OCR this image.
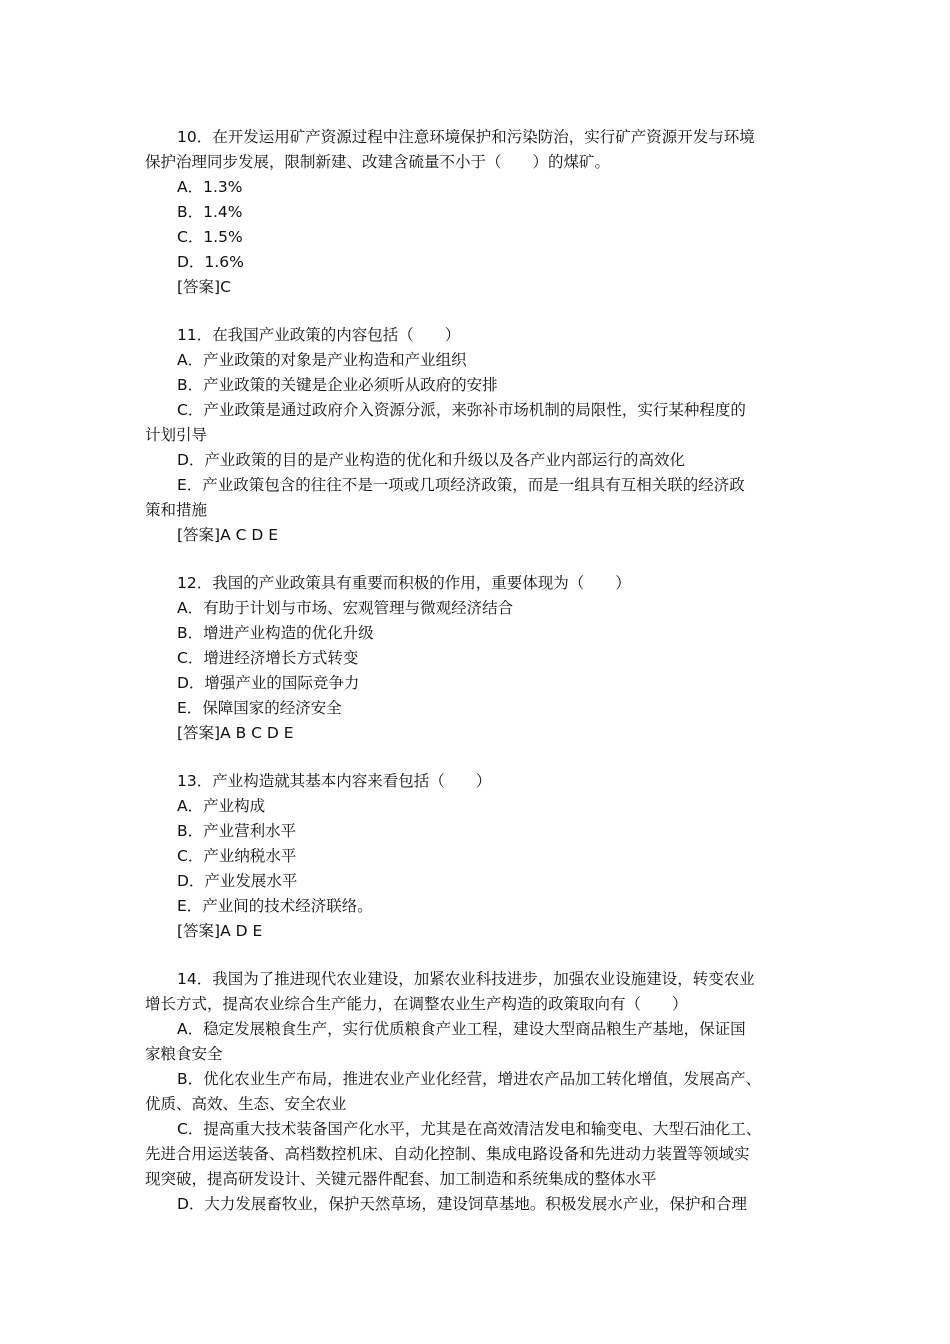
10．在开发运用矿产资源过程中注意环境保护和污染防治，实行矿产资源开发与环境
保护治理同步发展，限制新建、改建含硫量不小于（　　）的煤矿。
A．1.3%
B．1.4%
C．1.5%
D．1.6%
[答案]C
11．在我国产业政策的内容包括（　　）
A．产业政策的对象是产业构造和产业组织
B．产业政策的关键是企业必须听从政府的安排
C．产业政策是通过政府介入资源分派，来弥补市场机制的局限性，实行某种程度的
计划引导
D．产业政策的目的是产业构造的优化和升级以及各产业内部运行的高效化
E．产业政策包含的往往不是一项或几项经济政策，而是一组具有互相关联的经济政
策和措施
[答案]A C D E
12．我国的产业政策具有重要而积极的作用，重要体现为（　　）
A．有助于计划与市场、宏观管理与微观经济结合
B．增进产业构造的优化升级
C．增进经济增长方式转变
D．增强产业的国际竞争力
E．保障国家的经济安全
[答案]A B C D E
13．产业构造就其基本内容来看包括（　　）
A．产业构成
B．产业营利水平
C．产业纳税水平
D．产业发展水平
E．产业间的技术经济联络。
[答案]A D E
14．我国为了推进现代农业建设，加紧农业科技进步，加强农业设施建设，转变农业
增长方式，提高农业综合生产能力，在调整农业生产构造的政策取向有（　　）
A．稳定发展粮食生产，实行优质粮食产业工程，建设大型商品粮生产基地，保证国
家粮食安全
B．优化农业生产布局，推进农业产业化经营，增进农产品加工转化增值，发展高产、
优质、高效、生态、安全农业
C．提高重大技术装备国产化水平，尤其是在高效清洁发电和输变电、大型石油化工、
先进合用运送装备、高档数控机床、自动化控制、集成电路设备和先进动力装置等领域实
现突破，提高研发设计、关键元器件配套、加工制造和系统集成的整体水平
D．大力发展畜牧业，保护天然草场，建设饲草基地。积极发展水产业，保护和合理
